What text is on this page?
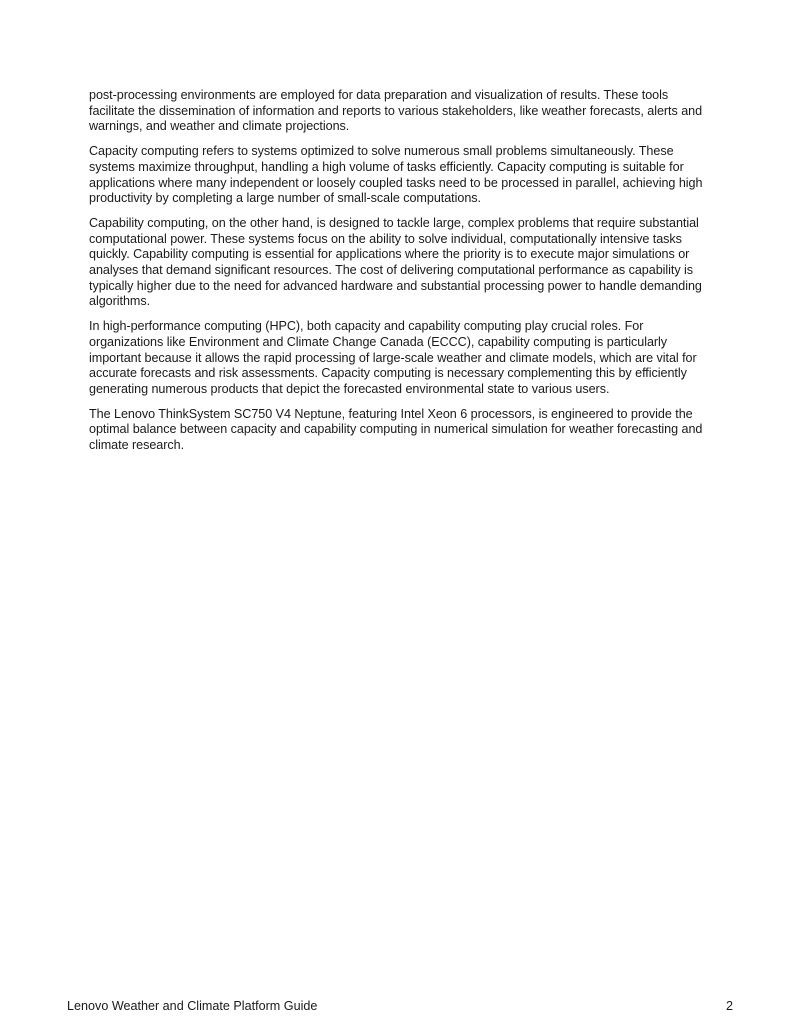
post-processing environments are employed for data preparation and visualization of results. These tools facilitate the dissemination of information and reports to various stakeholders, like weather forecasts, alerts and warnings, and weather and climate projections.

Capacity computing refers to systems optimized to solve numerous small problems simultaneously. These systems maximize throughput, handling a high volume of tasks efficiently. Capacity computing is suitable for applications where many independent or loosely coupled tasks need to be processed in parallel, achieving high productivity by completing a large number of small-scale computations.

Capability computing, on the other hand, is designed to tackle large, complex problems that require substantial computational power. These systems focus on the ability to solve individual, computationally intensive tasks quickly. Capability computing is essential for applications where the priority is to execute major simulations or analyses that demand significant resources. The cost of delivering computational performance as capability is typically higher due to the need for advanced hardware and substantial processing power to handle demanding algorithms.

In high-performance computing (HPC), both capacity and capability computing play crucial roles. For organizations like Environment and Climate Change Canada (ECCC), capability computing is particularly important because it allows the rapid processing of large-scale weather and climate models, which are vital for accurate forecasts and risk assessments. Capacity computing is necessary complementing this by efficiently generating numerous products that depict the forecasted environmental state to various users.

The Lenovo ThinkSystem SC750 V4 Neptune, featuring Intel Xeon 6 processors, is engineered to provide the optimal balance between capacity and capability computing in numerical simulation for weather forecasting and climate research.

Lenovo Weather and Climate Platform Guide	2
